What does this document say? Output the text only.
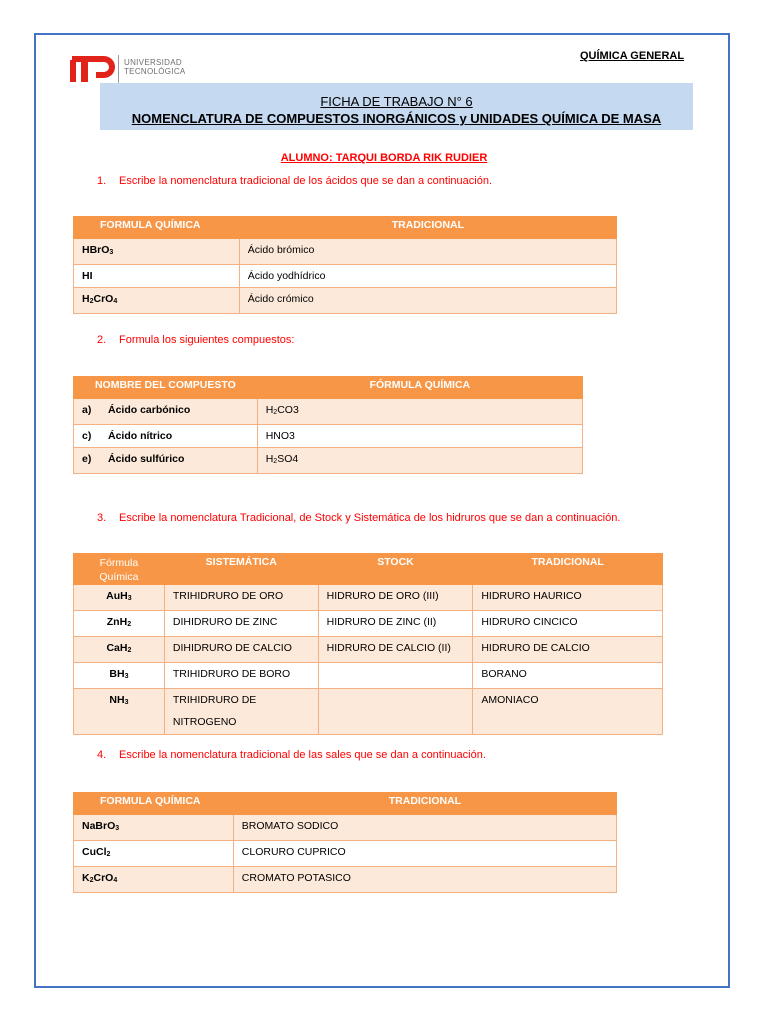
UNIVERSIDAD
TECNOLÓGICA
QUÍMICA GENERAL
FICHA DE TRABAJO N° 6
NOMENCLATURA DE COMPUESTOS INORGÁNICOS y UNIDADES QUÍMICA DE MASA
ALUMNO: TARQUI BORDA RIK RUDIER
1. Escribe la nomenclatura tradicional de los ácidos que se dan a continuación.
FORMULA QUÍMICA	TRADICIONAL
HBrO$_3$	Ácido brómico
HI	Ácido yodhídrico
$H_2CrO_4$	Ácido crómico
2. Formula los siguientes compuestos:
NOMBRE DEL COMPUESTO	FÓRMULA QUÍMICA
a) Ácido carbónico	$H_2CO3$
c) Ácido nítrico	HNO3
e) Ácido sulfúrico	$H_2SO4$
3. Escribe la nomenclatura Tradicional, de Stock y Sistemática de los hidruros que se dan a continuación.
Fórmula Química	SISTEMÁTICA	STOCK	TRADICIONAL
AuH$_3$	TRIHIDRURO DE ORO	HIDRURO DE ORO (III)	HIDRURO HAURICO
ZnH$_2$	DIHIDRURO DE ZINC	HIDRURO DE ZINC (II)	HIDRURO CINCICO
CaH$_2$	DIHIDRURO DE CALCIO	HIDRURO DE CALCIO (II)	HIDRURO DE CALCIO
$BH_3$	TRIHIDRURO DE BORO		BORANO
$NH_3$	TRIHIDRURO DE
NITROGENO		AMONIACO
4. Escribe la nomenclatura tradicional de las sales que se dan a continuación.
FORMULA QUÍMICA	TRADICIONAL
NaBrO$_3$	BROMATO SODICO
CuCl$_2$	CLORURO CUPRICO
$K_2CrO_4$	CROMATO POTASICO
